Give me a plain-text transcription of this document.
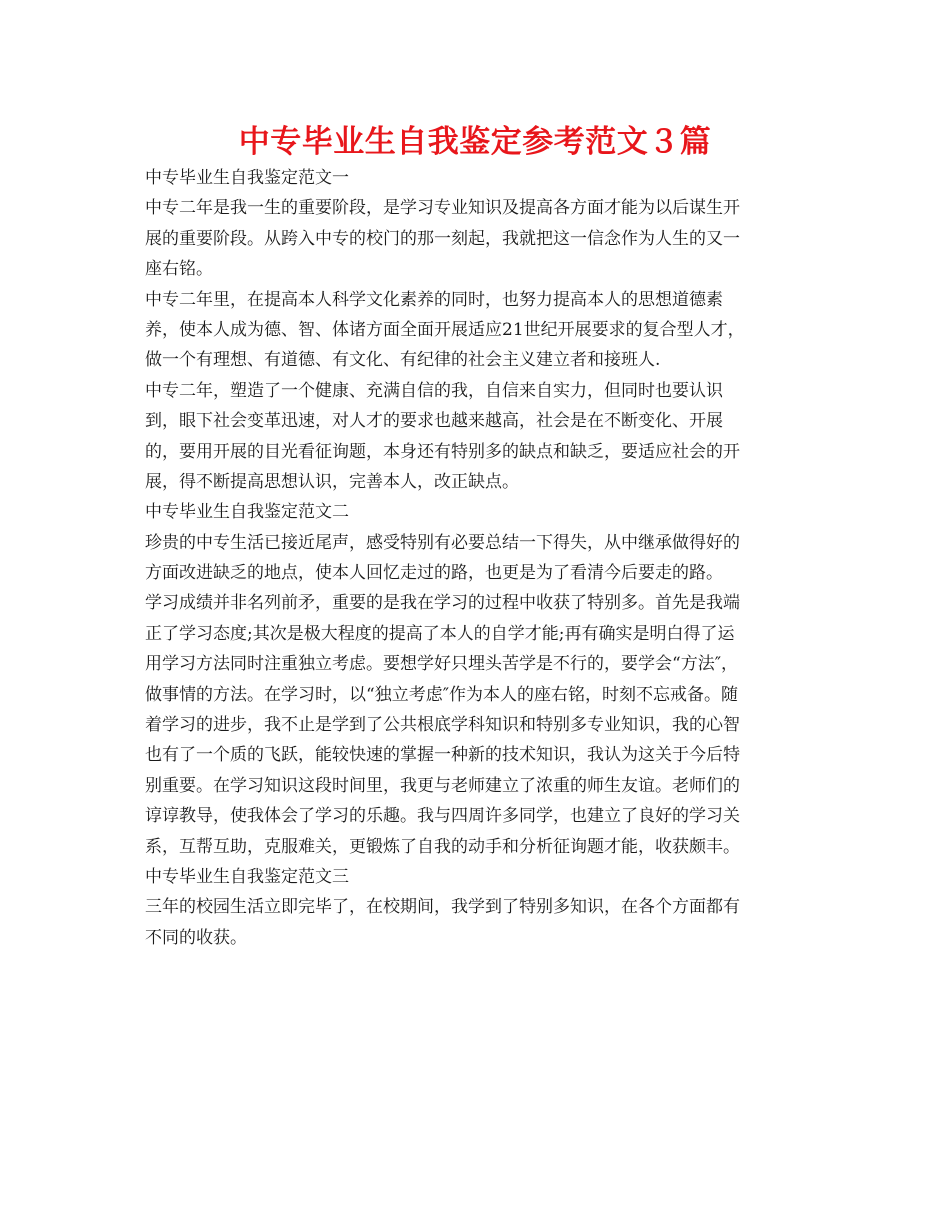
中专毕业生自我鉴定参考范文３篇
中专毕业生自我鉴定范文一
中专二年是我一生的重要阶段，是学习专业知识及提高各方面才能为以后谋生开
展的重要阶段。从跨入中专的校门的那一刻起，我就把这一信念作为人生的又一
座右铭。
中专二年里，在提高本人科学文化素养的同时，也努力提高本人的思想道德素
养，使本人成为德、智、体诸方面全面开展适应21世纪开展要求的复合型人才，
做一个有理想、有道德、有文化、有纪律的社会主义建立者和接班人.
中专二年，塑造了一个健康、充满自信的我，自信来自实力，但同时也要认识
到，眼下社会变革迅速，对人才的要求也越来越高，社会是在不断变化、开展
的，要用开展的目光看征询题，本身还有特别多的缺点和缺乏，要适应社会的开
展，得不断提高思想认识，完善本人，改正缺点。
中专毕业生自我鉴定范文二
珍贵的中专生活已接近尾声，感受特别有必要总结一下得失，从中继承做得好的
方面改进缺乏的地点，使本人回忆走过的路，也更是为了看清今后要走的路。
学习成绩并非名列前矛，重要的是我在学习的过程中收获了特别多。首先是我端
正了学习态度;其次是极大程度的提高了本人的自学才能;再有确实是明白得了运
用学习方法同时注重独立考虑。要想学好只埋头苦学是不行的，要学会“方法″，
做事情的方法。在学习时，以“独立考虑″作为本人的座右铭，时刻不忘戒备。随
着学习的进步，我不止是学到了公共根底学科知识和特别多专业知识，我的心智
也有了一个质的飞跃，能较快速的掌握一种新的技术知识，我认为这关于今后特
别重要。在学习知识这段时间里，我更与老师建立了浓重的师生友谊。老师们的
谆谆教导，使我体会了学习的乐趣。我与四周许多同学，也建立了良好的学习关
系，互帮互助，克服难关，更锻炼了自我的动手和分析征询题才能，收获颇丰。
中专毕业生自我鉴定范文三
三年的校园生活立即完毕了，在校期间，我学到了特别多知识，在各个方面都有
不同的收获。
